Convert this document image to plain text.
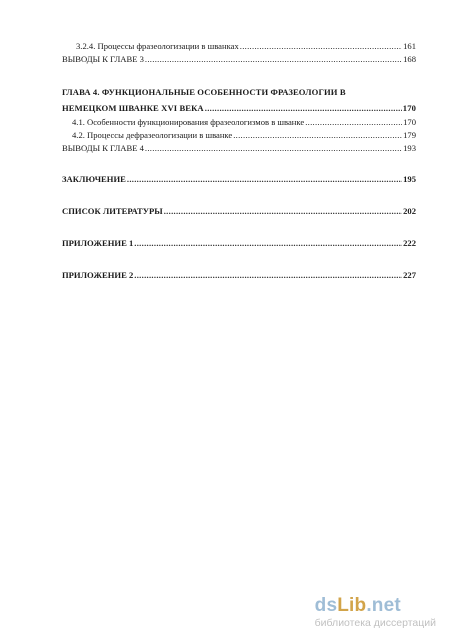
3.2.4. Процессы фразеологизации в шванках .....	161
ВЫВОДЫ К ГЛАВЕ 3 .....	168
ГЛАВА 4. ФУНКЦИОНАЛЬНЫЕ ОСОБЕННОСТИ ФРАЗЕОЛОГИИ В
НЕМЕЦКОМ ШВАНКЕ XVI ВЕКА .....	170
4.1. Особенности функционирования фразеологизмов в шванке .....	170
4.2. Процессы дефразеологизации в шванке .....	179
ВЫВОДЫ К ГЛАВЕ 4 .....	193
ЗАКЛЮЧЕНИЕ .....	195
СПИСОК ЛИТЕРАТУРЫ .....	202
ПРИЛОЖЕНИЕ 1 .....	222
ПРИЛОЖЕНИЕ 2 .....	227
dsLib.net
библиотека диссертаций
